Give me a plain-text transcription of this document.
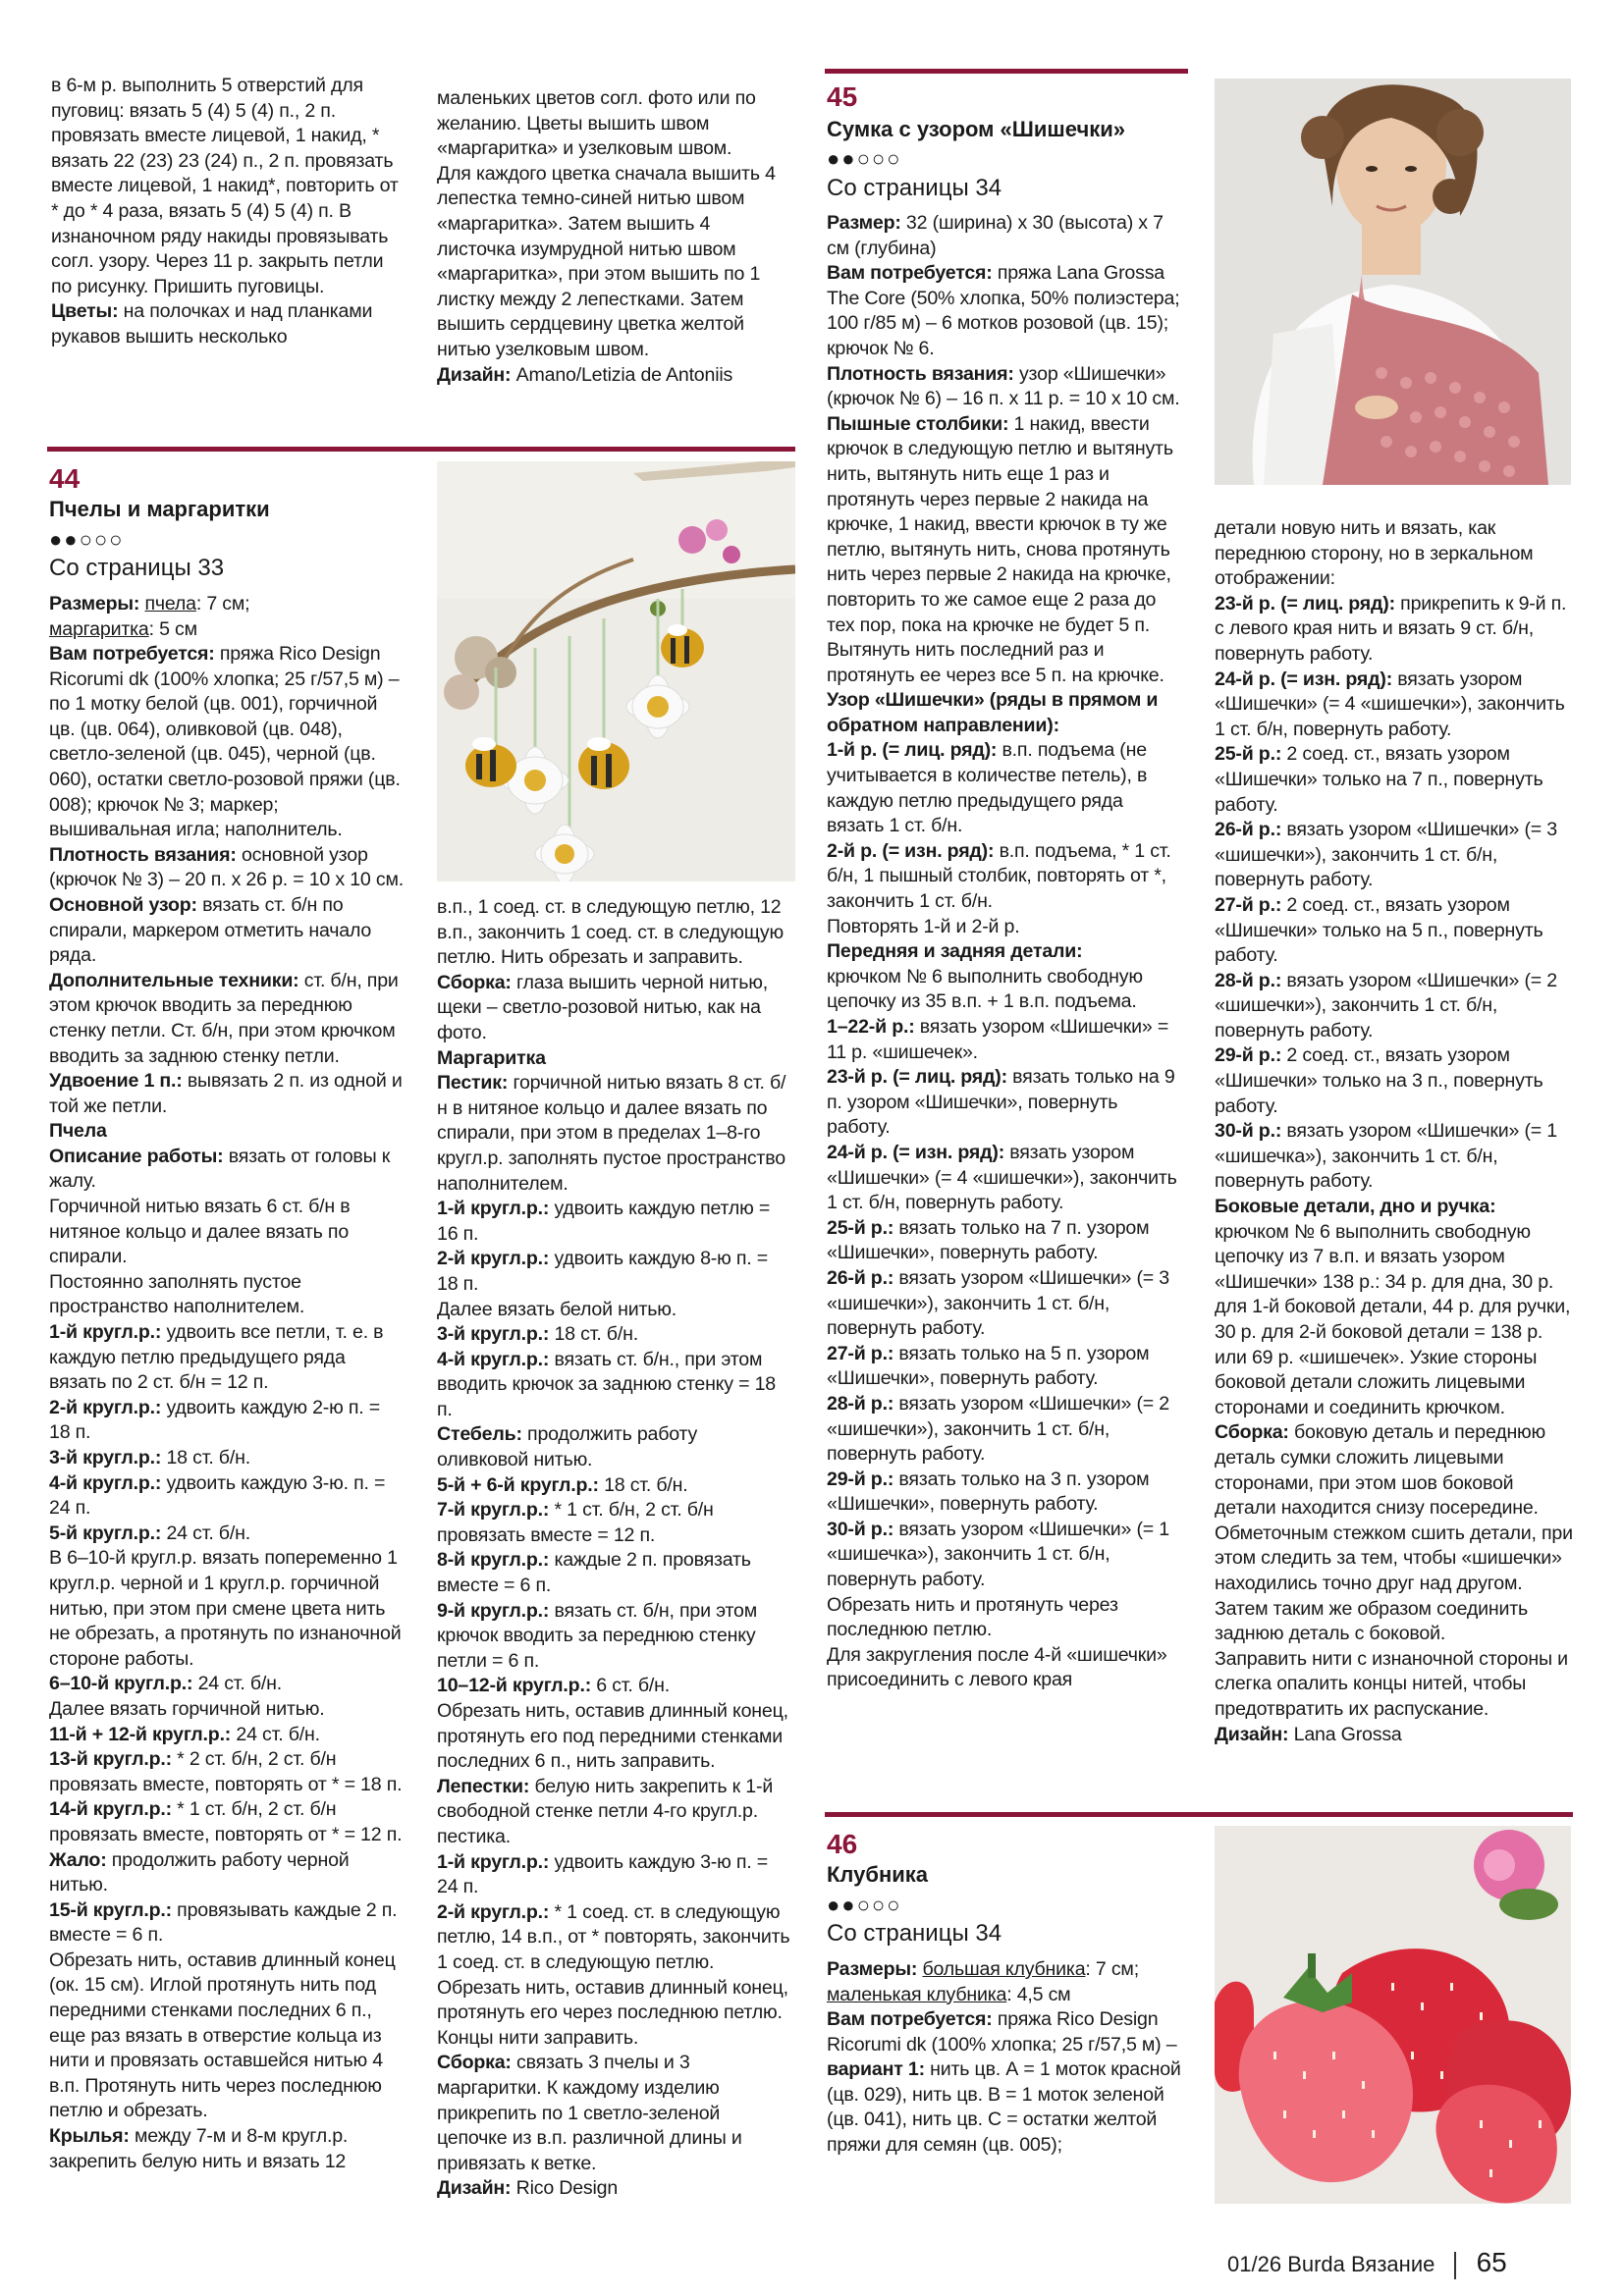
в 6-м р. выполнить 5 отверстий для пуговиц: вязать 5 (4) 5 (4) п., 2 п. провязать вместе лицевой, 1 накид, * вязать 22 (23) 23 (24) п., 2 п. провязать вместе лицевой, 1 накид*, повторить от * до * 4 раза, вязать 5 (4) 5 (4) п. В изнаночном ряду накиды провязывать согл. узору. Через 11 р. закрыть петли по рисунку. Пришить пуговицы.

Цветы: на полочках и над планками рукавов вышить несколько

маленьких цветов согл. фото или по желанию. Цветы вышить швом «маргаритка» и узелковым швом.

Для каждого цветка сначала вышить 4 лепестка темно-синей нитью швом «маргаритка». Затем вышить 4 листочка изумрудной нитью швом «маргаритка», при этом вышить по 1 листку между 2 лепестками. Затем вышить сердцевину цветка желтой нитью узелковым швом.

Дизайн: Amano/Letizia de Antoniis

44
Пчелы и маргаритки
●●○○○
Со страницы 33

Размеры: пчела: 7 см;

маргаритка: 5 см

Вам потребуется: пряжа Rico Design Ricorumi dk (100% хлопка; 25 г/57,5 м) – по 1 мотку белой (цв. 001), горчичной цв. (цв. 064), оливковой (цв. 048), светло-зеленой (цв. 045), черной (цв. 060), остатки светло-розовой пряжи (цв. 008); крючок № 3; маркер; вышивальная игла; наполнитель.

Плотность вязания: основной узор (крючок № 3) – 20 п. х 26 р. = 10 х 10 см.

Основной узор: вязать ст. б/н по спирали, маркером отметить начало ряда.

Дополнительные техники: ст. б/н, при этом крючок вводить за переднюю стенку петли. Ст. б/н, при этом крючком вводить за заднюю стенку петли.

Удвоение 1 п.: вывязать 2 п. из одной и той же петли.

Пчела

Описание работы: вязать от головы к жалу.

Горчичной нитью вязать 6 ст. б/н в нитяное кольцо и далее вязать по спирали.

Постоянно заполнять пустое пространство наполнителем.

1-й кругл.р.: удвоить все петли, т. е. в каждую петлю предыдущего ряда вязать по 2 ст. б/н = 12 п.

2-й кругл.р.: удвоить каждую 2-ю п. = 18 п.

3-й кругл.р.: 18 ст. б/н.

4-й кругл.р.: удвоить каждую 3-ю. п. = 24 п.

5-й кругл.р.: 24 ст. б/н.

В 6–10-й кругл.р. вязать попеременно 1 кругл.р. черной и 1 кругл.р. горчичной нитью, при этом при смене цвета нить не обрезать, а протянуть по изнаночной стороне работы.

6–10-й кругл.р.: 24 ст. б/н.

Далее вязать горчичной нитью.

11-й + 12-й кругл.р.: 24 ст. б/н.

13-й кругл.р.: * 2 ст. б/н, 2 ст. б/н провязать вместе, повторять от * = 18 п.

14-й кругл.р.: * 1 ст. б/н, 2 ст. б/н провязать вместе, повторять от * = 12 п.

Жало: продолжить работу черной нитью.

15-й кругл.р.: провязывать каждые 2 п. вместе = 6 п.

Обрезать нить, оставив длинный конец (ок. 15 см). Иглой протянуть нить под передними стенками последних 6 п., еще раз вязать в отверстие кольца из нити и провязать оставшейся нитью 4 в.п. Протянуть нить через последнюю петлю и обрезать.

Крылья: между 7-м и 8-м кругл.р. закрепить белую нить и вязать 12

в.п., 1 соед. ст. в следующую петлю, 12 в.п., закончить 1 соед. ст. в следующую петлю. Нить обрезать и заправить.

Сборка: глаза вышить черной нитью, щеки – светло-розовой нитью, как на фото.

Маргаритка

Пестик: горчичной нитью вязать 8 ст. б/н в нитяное кольцо и далее вязать по спирали, при этом в пределах 1–8-го кругл.р. заполнять пустое пространство наполнителем.

1-й кругл.р.: удвоить каждую петлю = 16 п.

2-й кругл.р.: удвоить каждую 8-ю п. = 18 п.

Далее вязать белой нитью.

3-й кругл.р.: 18 ст. б/н.

4-й кругл.р.: вязать ст. б/н., при этом вводить крючок за заднюю стенку = 18 п.

Стебель: продолжить работу оливковой нитью.

5-й + 6-й кругл.р.: 18 ст. б/н.

7-й кругл.р.: * 1 ст. б/н, 2 ст. б/н провязать вместе = 12 п.

8-й кругл.р.: каждые 2 п. провязать вместе = 6 п.

9-й кругл.р.: вязать ст. б/н, при этом крючок вводить за переднюю стенку петли = 6 п.

10–12-й кругл.р.: 6 ст. б/н.

Обрезать нить, оставив длинный конец, протянуть его под передними стенками последних 6 п., нить заправить.

Лепестки: белую нить закрепить к 1-й свободной стенке петли 4-го кругл.р. пестика.

1-й кругл.р.: удвоить каждую 3-ю п. = 24 п.

2-й кругл.р.: * 1 соед. ст. в следующую петлю, 14 в.п., от * повторять, закончить 1 соед. ст. в следующую петлю. Обрезать нить, оставив длинный конец, протянуть его через последнюю петлю. Концы нити заправить.

Сборка: связать 3 пчелы и 3 маргаритки. К каждому изделию прикрепить по 1 светло-зеленой цепочке из в.п. различной длины и привязать к ветке.

Дизайн: Rico Design

45
Сумка с узором «Шишечки»
●●○○○
Со страницы 34

Размер: 32 (ширина) х 30 (высота) х 7 см (глубина)

Вам потребуется: пряжа Lana Grossa The Core (50% хлопка, 50% полиэстера; 100 г/85 м) – 6 мотков розовой (цв. 15); крючок № 6.

Плотность вязания: узор «Шишечки» (крючок № 6) – 16 п. х 11 р. = 10 х 10 см.

Пышные столбики: 1 накид, ввести крючок в следующую петлю и вытянуть нить, вытянуть нить еще 1 раз и протянуть через первые 2 накида на крючке, 1 накид, ввести крючок в ту же петлю, вытянуть нить, снова протянуть нить через первые 2 накида на крючке, повторить то же самое еще 2 раза до тех пор, пока на крючке не будет 5 п. Вытянуть нить последний раз и протянуть ее через все 5 п. на крючке.

Узор «Шишечки» (ряды в прямом и обратном направлении):

1-й р. (= лиц. ряд): в.п. подъема (не учитывается в количестве петель), в каждую петлю предыдущего ряда вязать 1 ст. б/н.

2-й р. (= изн. ряд): в.п. подъема, * 1 ст. б/н, 1 пышный столбик, повторять от *, закончить 1 ст. б/н.

Повторять 1-й и 2-й р.

Передняя и задняя детали:

крючком № 6 выполнить свободную цепочку из 35 в.п. + 1 в.п. подъема.

1–22-й р.: вязать узором «Шишечки» = 11 р. «шишечек».

23-й р. (= лиц. ряд): вязать только на 9 п. узором «Шишечки», повернуть работу.

24-й р. (= изн. ряд): вязать узором «Шишечки» (= 4 «шишечки»), закончить 1 ст. б/н, повернуть работу.

25-й р.: вязать только на 7 п. узором «Шишечки», повернуть работу.

26-й р.: вязать узором «Шишечки» (= 3 «шишечки»), закончить 1 ст. б/н, повернуть работу.

27-й р.: вязать только на 5 п. узором «Шишечки», повернуть работу.

28-й р.: вязать узором «Шишечки» (= 2 «шишечки»), закончить 1 ст. б/н, повернуть работу.

29-й р.: вязать только на 3 п. узором «Шишечки», повернуть работу.

30-й р.: вязать узором «Шишечки» (= 1 «шишечка»), закончить 1 ст. б/н, повернуть работу.

Обрезать нить и протянуть через последнюю петлю.

Для закругления после 4-й «шишечки» присоединить с левого края

детали новую нить и вязать, как переднюю сторону, но в зеркальном отображении:

23-й р. (= лиц. ряд): прикрепить к 9-й п. с левого края нить и вязать 9 ст. б/н, повернуть работу.

24-й р. (= изн. ряд): вязать узором «Шишечки» (= 4 «шишечки»), закончить 1 ст. б/н, повернуть работу.

25-й р.: 2 соед. ст., вязать узором «Шишечки» только на 7 п., повернуть работу.

26-й р.: вязать узором «Шишечки» (= 3 «шишечки»), закончить 1 ст. б/н, повернуть работу.

27-й р.: 2 соед. ст., вязать узором «Шишечки» только на 5 п., повернуть работу.

28-й р.: вязать узором «Шишечки» (= 2 «шишечки»), закончить 1 ст. б/н, повернуть работу.

29-й р.: 2 соед. ст., вязать узором «Шишечки» только на 3 п., повернуть работу.

30-й р.: вязать узором «Шишечки» (= 1 «шишечка»), закончить 1 ст. б/н, повернуть работу.

Боковые детали, дно и ручка:

крючком № 6 выполнить свободную цепочку из 7 в.п. и вязать узором «Шишечки» 138 р.: 34 р. для дна, 30 р. для 1-й боковой детали, 44 р. для ручки, 30 р. для 2-й боковой детали = 138 р. или 69 р. «шишечек». Узкие стороны боковой детали сложить лицевыми сторонами и соединить крючком.

Сборка: боковую деталь и переднюю деталь сумки сложить лицевыми сторонами, при этом шов боковой детали находится снизу посередине. Обметочным стежком сшить детали, при этом следить за тем, чтобы «шишечки» находились точно друг над другом.

Затем таким же образом соединить заднюю деталь с боковой.

Заправить нити с изнаночной стороны и слегка опалить концы нитей, чтобы предотвратить их распускание.

Дизайн: Lana Grossa

46
Клубника
●●○○○
Со страницы 34

Размеры: большая клубника: 7 см;

маленькая клубника: 4,5 см

Вам потребуется: пряжа Rico Design Ricorumi dk (100% хлопка; 25 г/57,5 м) –

вариант 1: нить цв. А = 1 моток красной (цв. 029), нить цв. В = 1 моток зеленой (цв. 041), нить цв. С = остатки желтой пряжи для семян (цв. 005);

01/26 Burda Вязание 65
